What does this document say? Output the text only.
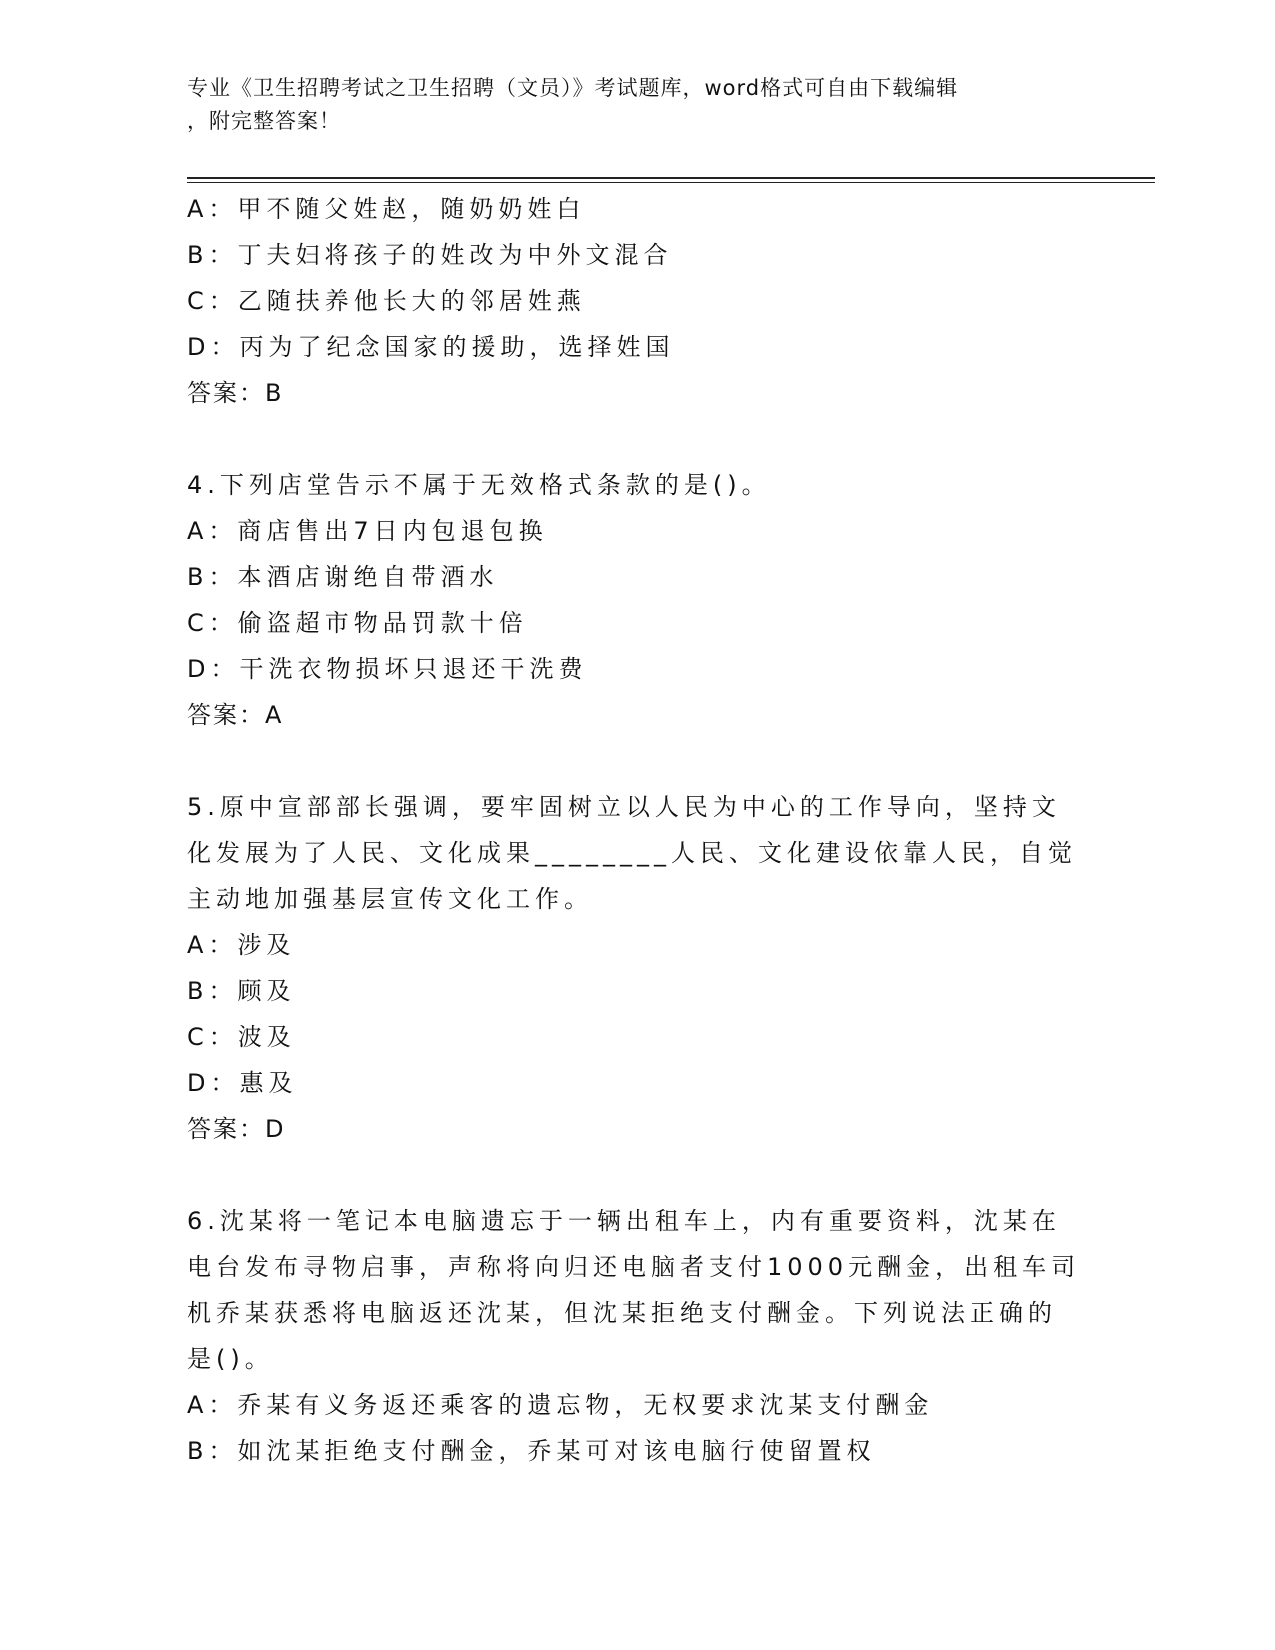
专业《卫生招聘考试之卫生招聘（文员）》考试题库，word格式可自由下载编辑
，附完整答案！
A：甲不随父姓赵，随奶奶姓白
B：丁夫妇将孩子的姓改为中外文混合
C：乙随扶养他长大的邻居姓燕
D：丙为了纪念国家的援助，选择姓国
答案：B
4.下列店堂告示不属于无效格式条款的是()。
A：商店售出7日内包退包换
B：本酒店谢绝自带酒水
C：偷盗超市物品罚款十倍
D：干洗衣物损坏只退还干洗费
答案：A
5.原中宣部部长强调，要牢固树立以人民为中心的工作导向，坚持文
化发展为了人民、文化成果________人民、文化建设依靠人民，自觉
主动地加强基层宣传文化工作。
A：涉及
B：顾及
C：波及
D：惠及
答案：D
6.沈某将一笔记本电脑遗忘于一辆出租车上，内有重要资料，沈某在
电台发布寻物启事，声称将向归还电脑者支付1000元酬金，出租车司
机乔某获悉将电脑返还沈某，但沈某拒绝支付酬金。下列说法正确的
是()。
A：乔某有义务返还乘客的遗忘物，无权要求沈某支付酬金
B：如沈某拒绝支付酬金，乔某可对该电脑行使留置权
